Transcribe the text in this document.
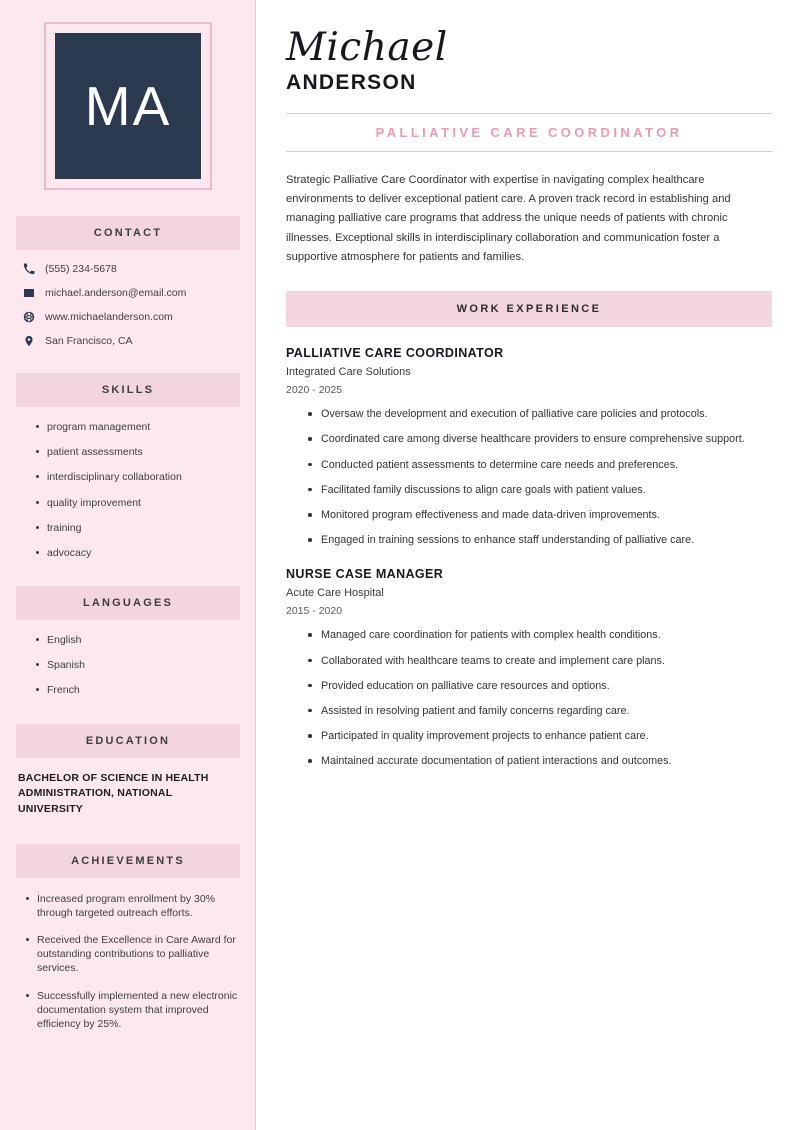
MA
CONTACT
(555) 234-5678
michael.anderson@email.com
www.michaelanderson.com
San Francisco, CA
SKILLS
program management
patient assessments
interdisciplinary collaboration
quality improvement
training
advocacy
LANGUAGES
English
Spanish
French
EDUCATION
BACHELOR OF SCIENCE IN HEALTH ADMINISTRATION, NATIONAL UNIVERSITY
ACHIEVEMENTS
Increased program enrollment by 30% through targeted outreach efforts.
Received the Excellence in Care Award for outstanding contributions to palliative services.
Successfully implemented a new electronic documentation system that improved efficiency by 25%.
Michael
ANDERSON
PALLIATIVE CARE COORDINATOR

Strategic Palliative Care Coordinator with expertise in navigating complex healthcare environments to deliver exceptional patient care. A proven track record in establishing and managing palliative care programs that address the unique needs of patients with chronic illnesses. Exceptional skills in interdisciplinary collaboration and communication foster a supportive atmosphere for patients and families.

WORK EXPERIENCE
PALLIATIVE CARE COORDINATOR
Integrated Care Solutions
2020 - 2025
Oversaw the development and execution of palliative care policies and protocols.
Coordinated care among diverse healthcare providers to ensure comprehensive support.
Conducted patient assessments to determine care needs and preferences.
Facilitated family discussions to align care goals with patient values.
Monitored program effectiveness and made data-driven improvements.
Engaged in training sessions to enhance staff understanding of palliative care.
NURSE CASE MANAGER
Acute Care Hospital
2015 - 2020
Managed care coordination for patients with complex health conditions.
Collaborated with healthcare teams to create and implement care plans.
Provided education on palliative care resources and options.
Assisted in resolving patient and family concerns regarding care.
Participated in quality improvement projects to enhance patient care.
Maintained accurate documentation of patient interactions and outcomes.
